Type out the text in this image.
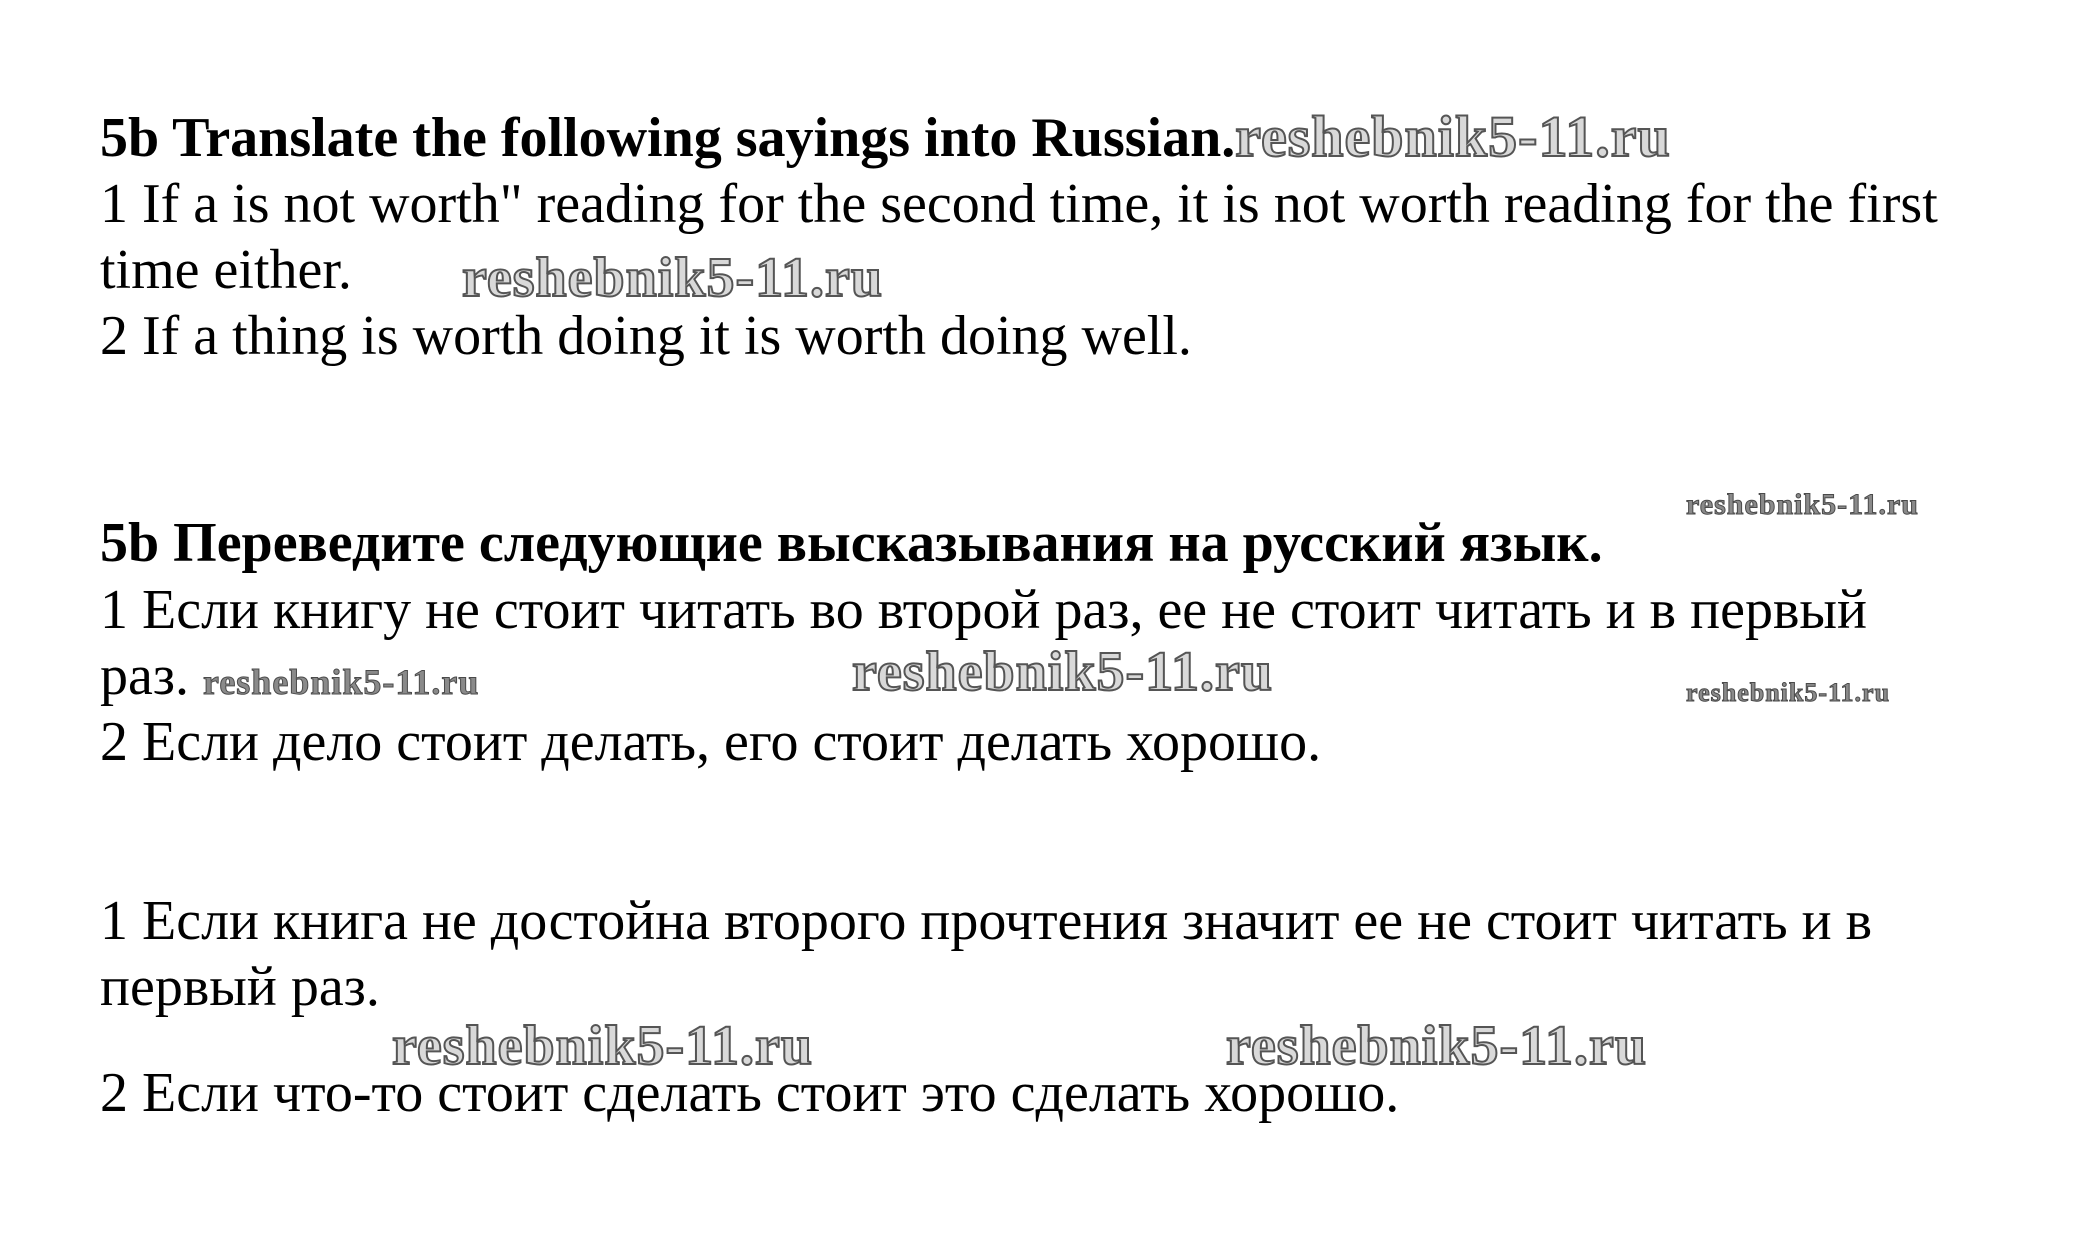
5b Translate the following sayings into Russian.reshebnik5-11.ru
1 If a is not worth" reading for the second time, it is not worth reading for the first
time either. reshebnik5-11.ru
2 If a thing is worth doing it is worth doing well.
reshebnik5-11.ru
5b Переведите следующие высказывания на русский язык.
1 Если книгу не стоит читать во второй раз, ее не стоит читать и в первый
раз. reshebnik5-11.ru	reshebnik5-11.ru	reshebnik5-11.ru
2 Если дело стоит делать, его стоит делать хорошо.
1 Если книга не достойна второго прочтения значит ее не стоит читать и в
первый раз.
reshebnik5-11.ru	reshebnik5-11.ru
2 Если что-то стоит сделать стоит это сделать хорошо.
